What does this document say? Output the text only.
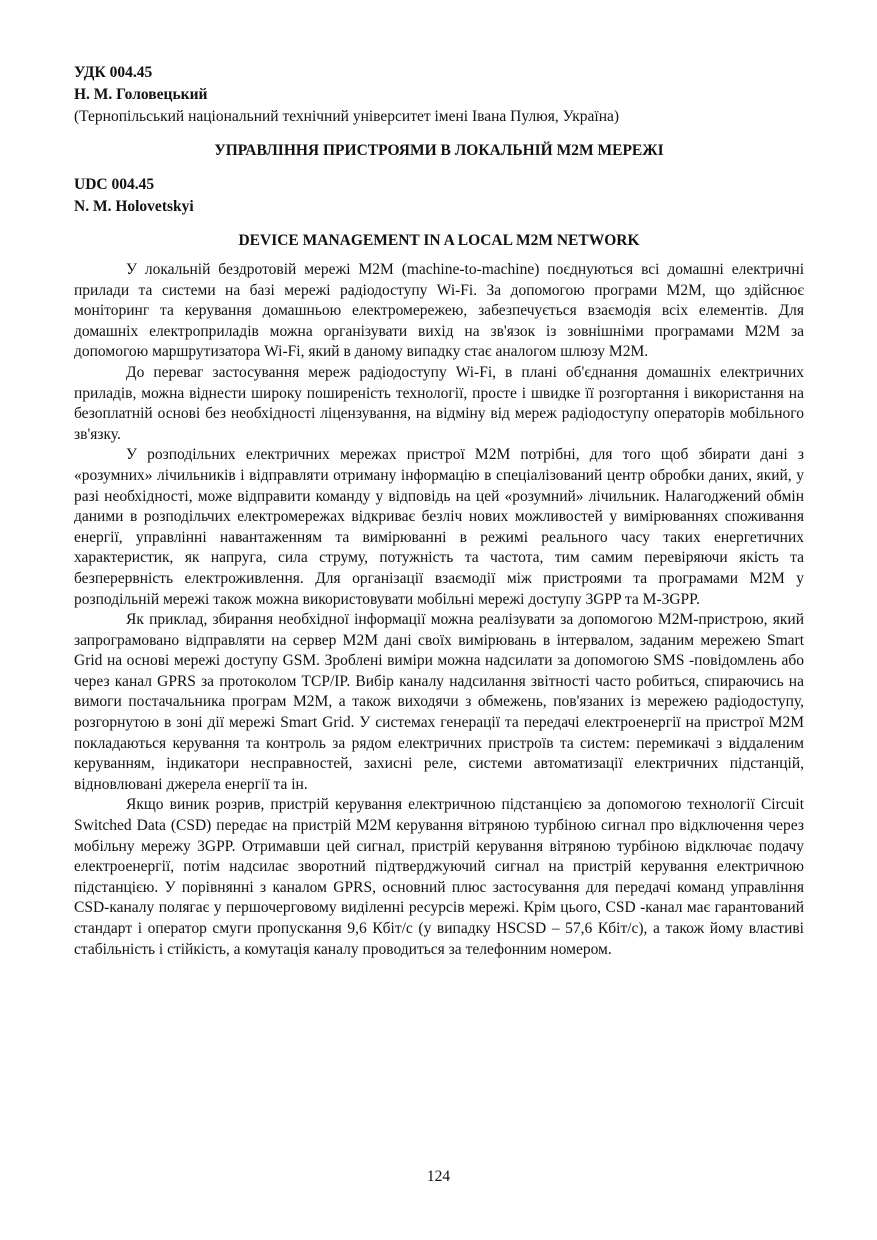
УДК 004.45

Н. М. Головецький

(Тернопільський національний технічний університет імені Івана Пулюя, Україна)

УПРАВЛІННЯ ПРИСТРОЯМИ В ЛОКАЛЬНІЙ M2M МЕРЕЖІ

UDC 004.45

N. M. Holovetskyi

DEVICE MANAGEMENT IN A LOCAL M2M NETWORK

У локальній бездротовій мережі M2M (machine-to-machine) поєднуються всі домашні електричні прилади та системи на базі мережі радіодоступу Wi-Fi. За допомогою програми M2M, що здійснює моніторинг та керування домашньою електромережею, забезпечується взаємодія всіх елементів. Для домашніх електроприладів можна організувати вихід на зв'язок із зовнішніми програмами M2M за допомогою маршрутизатора Wi-Fi, який в даному випадку стає аналогом шлюзу M2M.

До переваг застосування мереж радіодоступу Wi-Fi, в плані об'єднання домашніх електричних приладів, можна віднести широку поширеність технології, просте і швидке її розгортання і використання на безоплатній основі без необхідності ліцензування, на відміну від мереж радіодоступу операторів мобільного зв'язку.

У розподільних електричних мережах пристрої M2M потрібні, для того щоб збирати дані з «розумних» лічильників і відправляти отриману інформацію в спеціалізований центр обробки даних, який, у разі необхідності, може відправити команду у відповідь на цей «розумний» лічильник. Налагоджений обмін даними в розподільчих електромережах відкриває безліч нових можливостей у вимірюваннях споживання енергії, управлінні навантаженням та вимірюванні в режимі реального часу таких енергетичних характеристик, як напруга, сила струму, потужність та частота, тим самим перевіряючи якість та безперервність електроживлення. Для організації взаємодії між пристроями та програмами M2M у розподільній мережі також можна використовувати мобільні мережі доступу 3GPP та M-3GPP.

Як приклад, збирання необхідної інформації можна реалізувати за допомогою M2M-пристрою, який запрограмовано відправляти на сервер M2M дані своїх вимірювань в інтервалом, заданим мережею Smart Grid на основі мережі доступу GSM. Зроблені виміри можна надсилати за допомогою SMS -повідомлень або через канал GPRS за протоколом TCP/IP. Вибір каналу надсилання звітності часто робиться, спираючись на вимоги постачальника програм M2M, а також виходячи з обмежень, пов'язаних із мережею радіодоступу, розгорнутою в зоні дії мережі Smart Grid. У системах генерації та передачі електроенергії на пристрої M2M покладаються керування та контроль за рядом електричних пристроїв та систем: перемикачі з віддаленим керуванням, індикатори несправностей, захисні реле, системи автоматизації електричних підстанцій, відновлювані джерела енергії та ін.

Якщо виник розрив, пристрій керування електричною підстанцією за допомогою технології Circuit Switched Data (CSD) передає на пристрій M2M керування вітряною турбіною сигнал про відключення через мобільну мережу 3GPP. Отримавши цей сигнал, пристрій керування вітряною турбіною відключає подачу електроенергії, потім надсилає зворотний підтверджуючий сигнал на пристрій керування електричною підстанцією. У порівнянні з каналом GPRS, основний плюс застосування для передачі команд управління CSD-каналу полягає у першочерговому виділенні ресурсів мережі. Крім цього, CSD -канал має гарантований стандарт і оператор смуги пропускання 9,6 Кбіт/с (у випадку HSCSD – 57,6 Кбіт/с), а також йому властиві стабільність і стійкість, а комутація каналу проводиться за телефонним номером.

124
